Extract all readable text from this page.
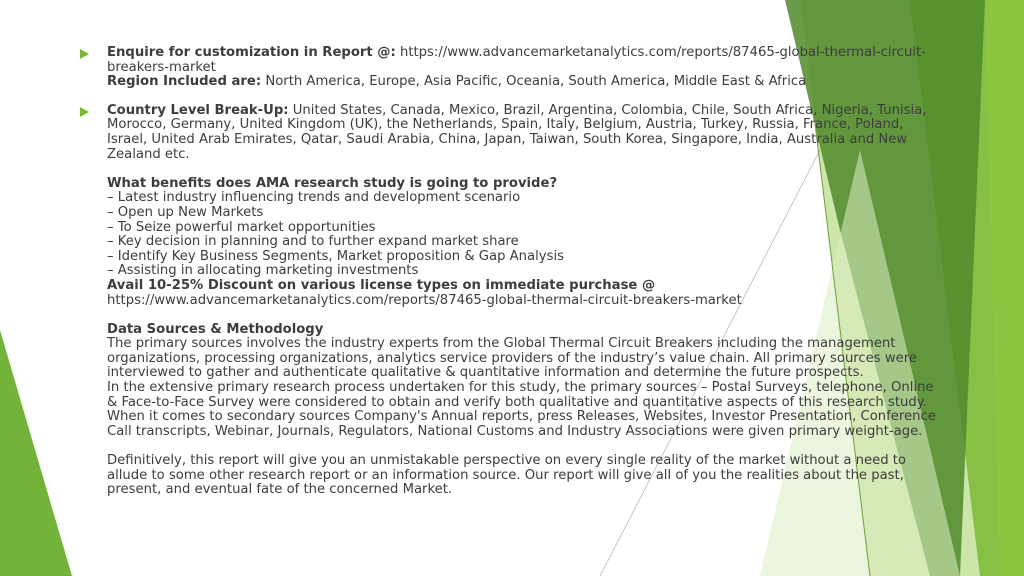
Enquire for customization in Report @: https://www.advancemarketanalytics.com/reports/87465-global-thermal-circuit-
breakers-market
Region Included are: North America, Europe, Asia Pacific, Oceania, South America, Middle East & Africa
Country Level Break-Up: United States, Canada, Mexico, Brazil, Argentina, Colombia, Chile, South Africa, Nigeria, Tunisia,
Morocco, Germany, United Kingdom (UK), the Netherlands, Spain, Italy, Belgium, Austria, Turkey, Russia, France, Poland,
Israel, United Arab Emirates, Qatar, Saudi Arabia, China, Japan, Taiwan, South Korea, Singapore, India, Australia and New
Zealand etc.
What benefits does AMA research study is going to provide?
– Latest industry influencing trends and development scenario
– Open up New Markets
– To Seize powerful market opportunities
– Key decision in planning and to further expand market share
– Identify Key Business Segments, Market proposition & Gap Analysis
– Assisting in allocating marketing investments
Avail 10-25% Discount on various license types on immediate purchase @
https://www.advancemarketanalytics.com/reports/87465-global-thermal-circuit-breakers-market
Data Sources & Methodology
The primary sources involves the industry experts from the Global Thermal Circuit Breakers including the management
organizations, processing organizations, analytics service providers of the industry’s value chain. All primary sources were
interviewed to gather and authenticate qualitative & quantitative information and determine the future prospects.
In the extensive primary research process undertaken for this study, the primary sources – Postal Surveys, telephone, Online
& Face-to-Face Survey were considered to obtain and verify both qualitative and quantitative aspects of this research study.
When it comes to secondary sources Company's Annual reports, press Releases, Websites, Investor Presentation, Conference
Call transcripts, Webinar, Journals, Regulators, National Customs and Industry Associations were given primary weight-age.
Definitively, this report will give you an unmistakable perspective on every single reality of the market without a need to
allude to some other research report or an information source. Our report will give all of you the realities about the past,
present, and eventual fate of the concerned Market.
